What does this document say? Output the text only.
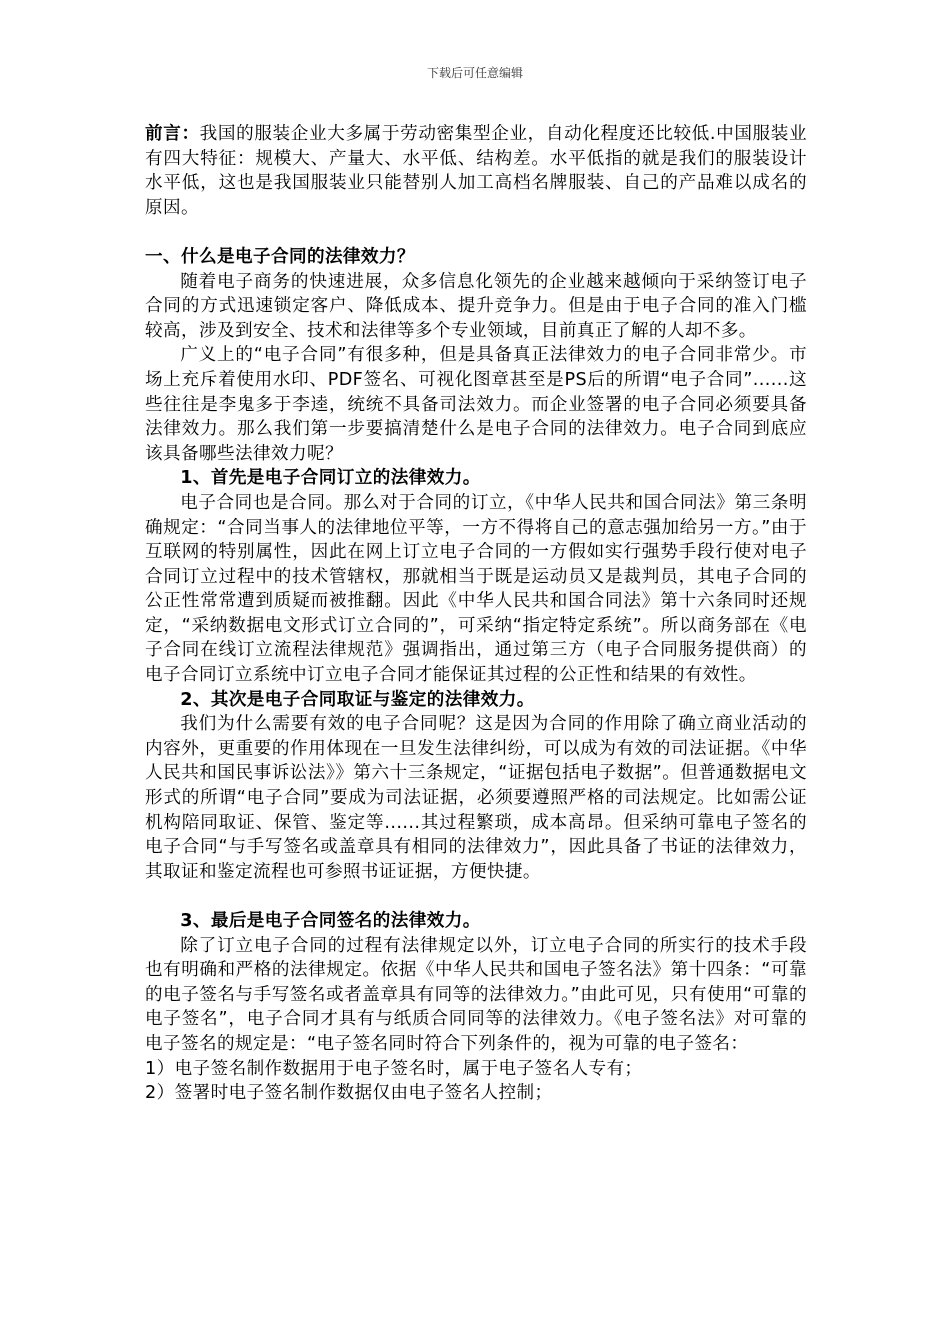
下载后可任意编辑

前言：我国的服装企业大多属于劳动密集型企业，自动化程度还比较低.中国服装业有四大特征：规模大、产量大、水平低、结构差。水平低指的就是我们的服装设计水平低，这也是我国服装业只能替别人加工高档名牌服装、自己的产品难以成名的原因。

一、什么是电子合同的法律效力？

随着电子商务的快速进展，众多信息化领先的企业越来越倾向于采纳签订电子合同的方式迅速锁定客户、降低成本、提升竞争力。但是由于电子合同的准入门槛较高，涉及到安全、技术和法律等多个专业领域，目前真正了解的人却不多。

广义上的“电子合同”有很多种，但是具备真正法律效力的电子合同非常少。市场上充斥着使用水印、PDF签名、可视化图章甚至是PS后的所谓“电子合同”......这些往往是李鬼多于李逵，统统不具备司法效力。而企业签署的电子合同必须要具备法律效力。那么我们第一步要搞清楚什么是电子合同的法律效力。电子合同到底应该具备哪些法律效力呢？

1、首先是电子合同订立的法律效力。

电子合同也是合同。那么对于合同的订立，《中华人民共和国合同法》第三条明确规定：“合同当事人的法律地位平等，一方不得将自己的意志强加给另一方。”由于互联网的特别属性，因此在网上订立电子合同的一方假如实行强势手段行使对电子合同订立过程中的技术管辖权，那就相当于既是运动员又是裁判员，其电子合同的公正性常常遭到质疑而被推翻。因此《中华人民共和国合同法》第十六条同时还规定，“采纳数据电文形式订立合同的”，可采纳“指定特定系统”。所以商务部在《电子合同在线订立流程法律规范》强调指出，通过第三方（电子合同服务提供商）的电子合同订立系统中订立电子合同才能保证其过程的公正性和结果的有效性。

2、其次是电子合同取证与鉴定的法律效力。

我们为什么需要有效的电子合同呢？这是因为合同的作用除了确立商业活动的内容外，更重要的作用体现在一旦发生法律纠纷，可以成为有效的司法证据。《中华人民共和国民事诉讼法》》第六十三条规定，“证据包括电子数据”。但普通数据电文形式的所谓“电子合同”要成为司法证据，必须要遵照严格的司法规定。比如需公证机构陪同取证、保管、鉴定等......其过程繁琐，成本高昂。但采纳可靠电子签名的电子合同“与手写签名或盖章具有相同的法律效力”，因此具备了书证的法律效力，其取证和鉴定流程也可参照书证证据，方便快捷。

3、最后是电子合同签名的法律效力。

除了订立电子合同的过程有法律规定以外，订立电子合同的所实行的技术手段也有明确和严格的法律规定。依据《中华人民共和国电子签名法》第十四条：“可靠的电子签名与手写签名或者盖章具有同等的法律效力。”由此可见，只有使用“可靠的电子签名”，电子合同才具有与纸质合同同等的法律效力。《电子签名法》对可靠的电子签名的规定是：“电子签名同时符合下列条件的，视为可靠的电子签名：

1）电子签名制作数据用于电子签名时，属于电子签名人专有；

2）签署时电子签名制作数据仅由电子签名人控制；
